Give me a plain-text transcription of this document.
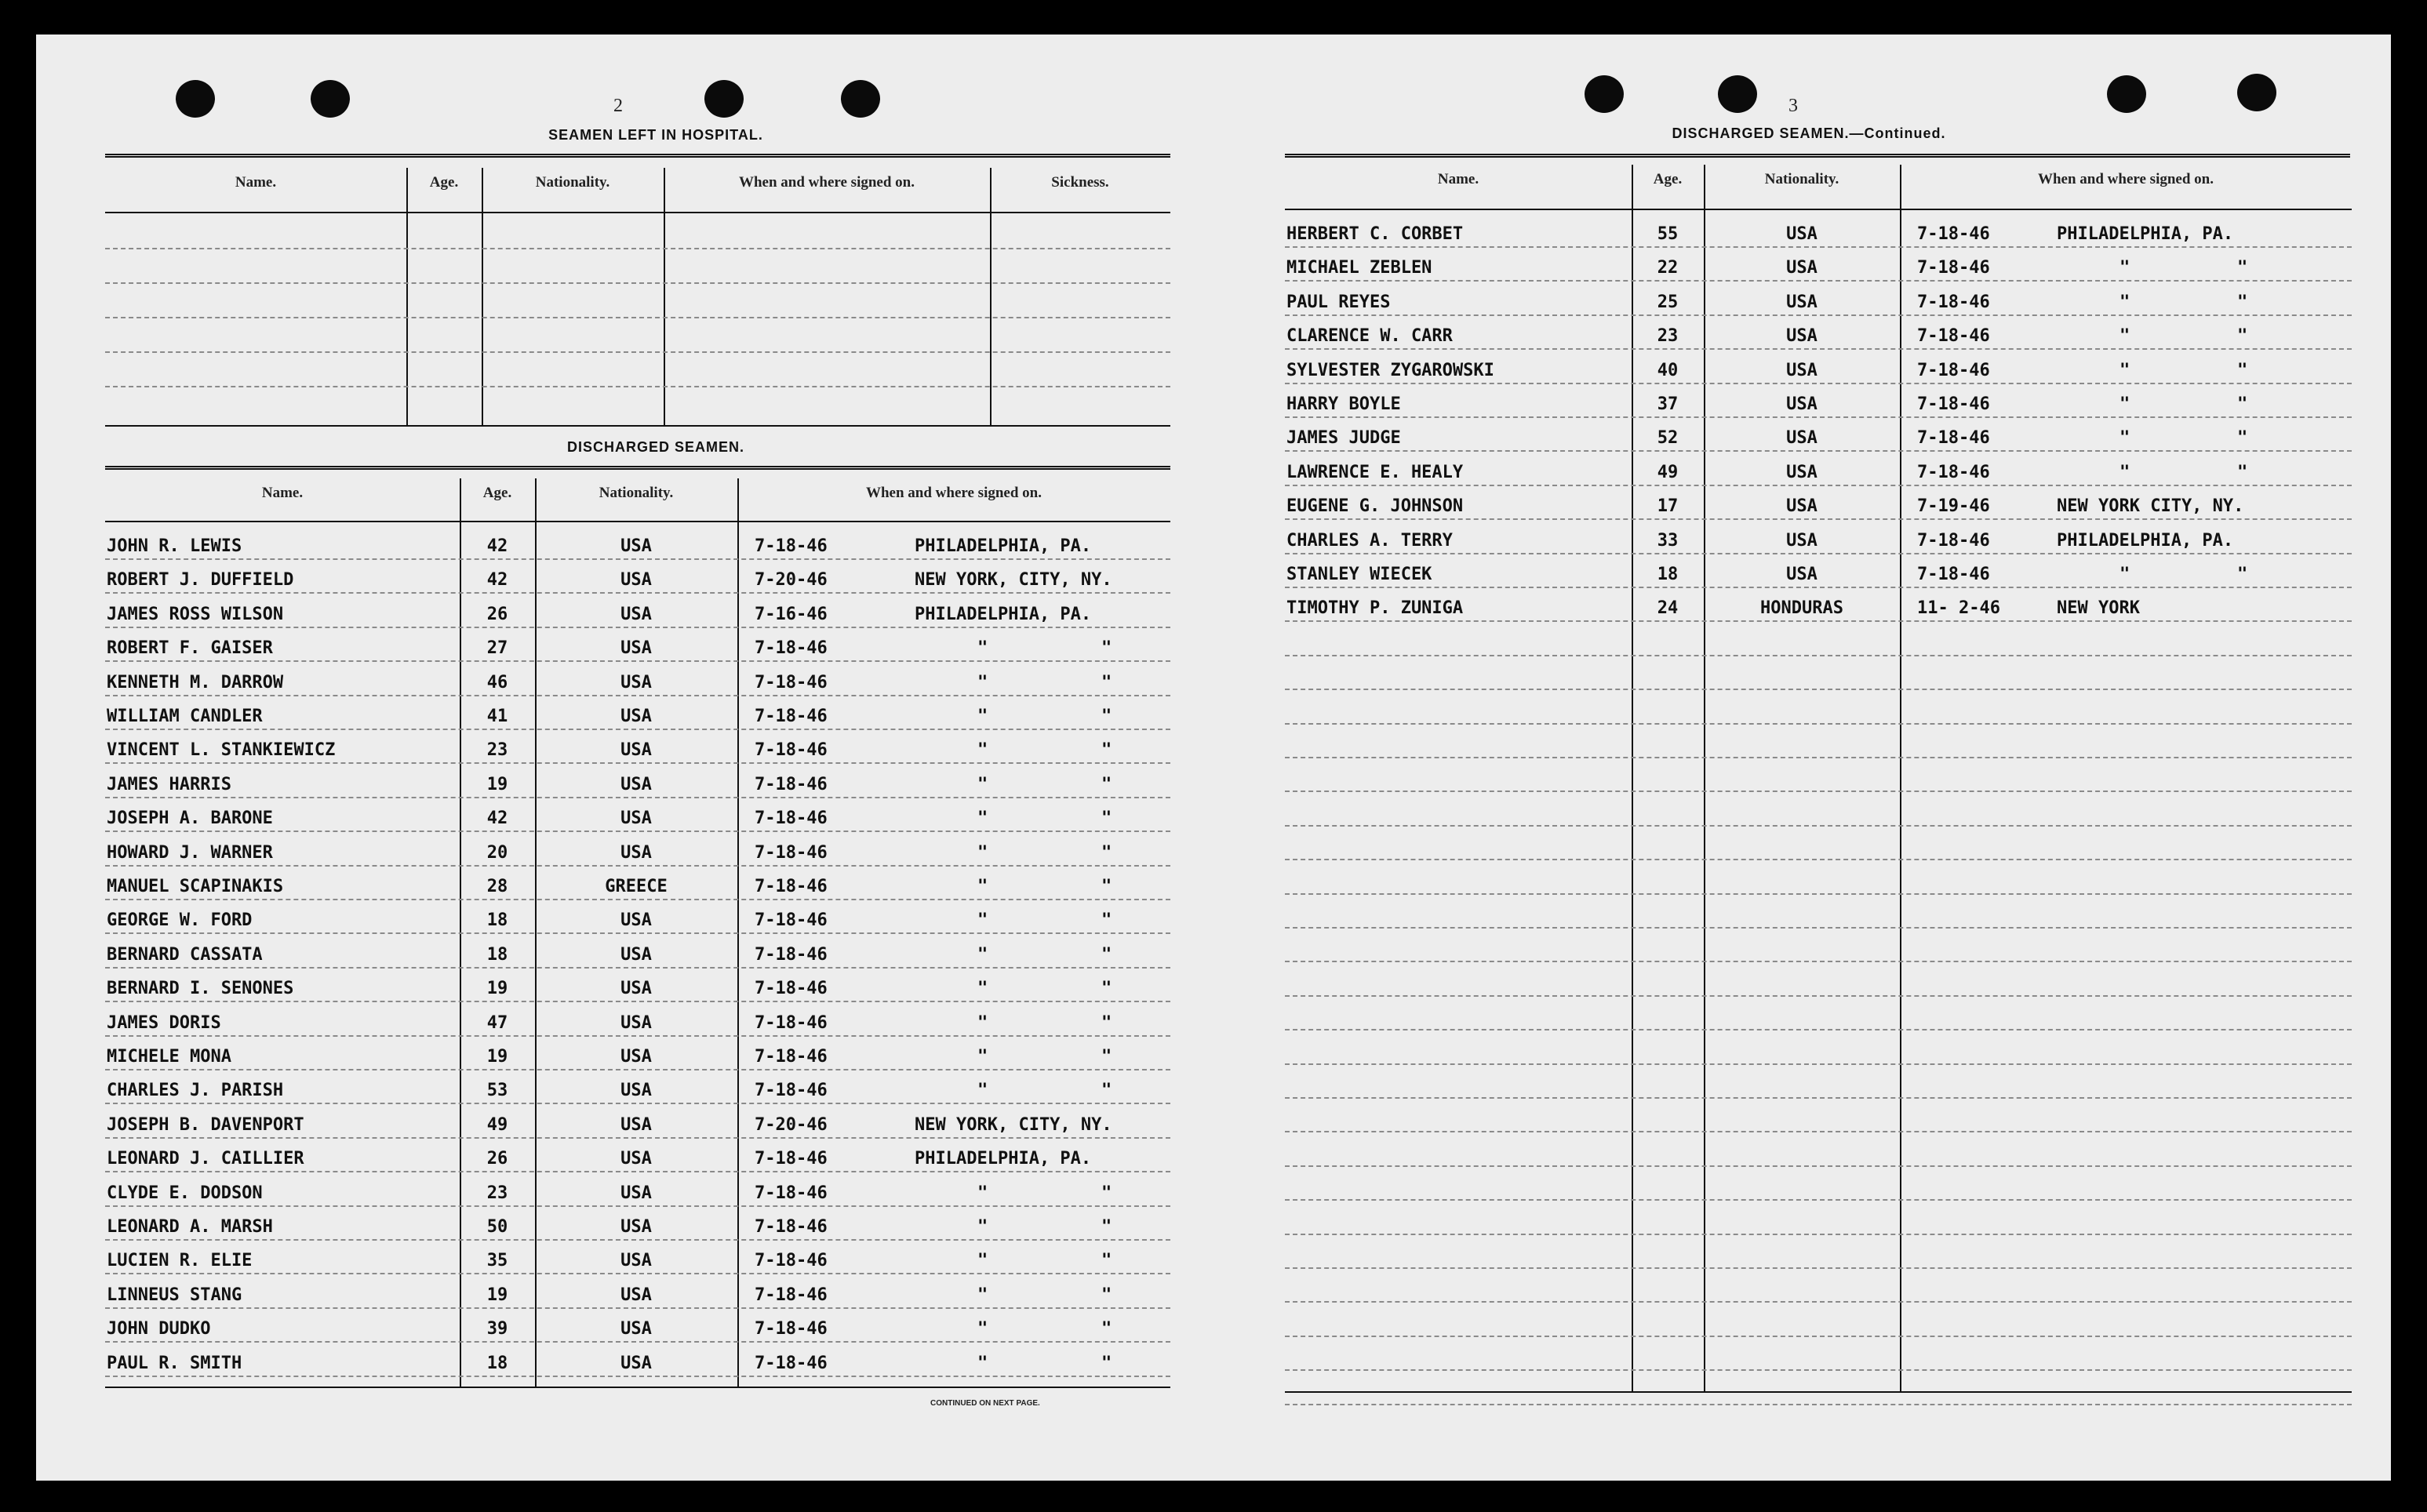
2
SEAMEN LEFT IN HOSPITAL.
Name.	Age.	Nationality.	When and where signed on.	Sickness.
DISCHARGED SEAMEN.
Name.	Age.	Nationality.	When and where signed on.
JOHN R. LEWIS	42	USA	7-18-46	PHILADELPHIA, PA.
ROBERT J. DUFFIELD	42	USA	7-20-46	NEW YORK, CITY, NY.
JAMES ROSS WILSON	26	USA	7-16-46	PHILADELPHIA, PA.
ROBERT F. GAISER	27	USA	7-18-46	"	"
KENNETH M. DARROW	46	USA	7-18-46	"	"
WILLIAM CANDLER	41	USA	7-18-46	"	"
VINCENT L. STANKIEWICZ	23	USA	7-18-46	"	"
JAMES HARRIS	19	USA	7-18-46	"	"
JOSEPH A. BARONE	42	USA	7-18-46	"	"
HOWARD J. WARNER	20	USA	7-18-46	"	"
MANUEL SCAPINAKIS	28	GREECE	7-18-46	"	"
GEORGE W. FORD	18	USA	7-18-46	"	"
BERNARD CASSATA	18	USA	7-18-46	"	"
BERNARD I. SENONES	19	USA	7-18-46	"	"
JAMES DORIS	47	USA	7-18-46	"	"
MICHELE MONA	19	USA	7-18-46	"	"
CHARLES J. PARISH	53	USA	7-18-46	"	"
JOSEPH B. DAVENPORT	49	USA	7-20-46	NEW YORK, CITY, NY.
LEONARD J. CAILLIER	26	USA	7-18-46	PHILADELPHIA, PA.
CLYDE E. DODSON	23	USA	7-18-46	"	"
LEONARD A. MARSH	50	USA	7-18-46	"	"
LUCIEN R. ELIE	35	USA	7-18-46	"	"
LINNEUS STANG	19	USA	7-18-46	"	"
JOHN DUDKO	39	USA	7-18-46	"	"
PAUL R. SMITH	18	USA	7-18-46	"	"
CONTINUED ON NEXT PAGE.
3
DISCHARGED SEAMEN.—Continued.
Name.	Age.	Nationality.	When and where signed on.
HERBERT C. CORBET	55	USA	7-18-46	PHILADELPHIA, PA.
MICHAEL ZEBLEN	22	USA	7-18-46	"	"
PAUL REYES	25	USA	7-18-46	"	"
CLARENCE W. CARR	23	USA	7-18-46	"	"
SYLVESTER ZYGAROWSKI	40	USA	7-18-46	"	"
HARRY BOYLE	37	USA	7-18-46	"	"
JAMES JUDGE	52	USA	7-18-46	"	"
LAWRENCE E. HEALY	49	USA	7-18-46	"	"
EUGENE G. JOHNSON	17	USA	7-19-46	NEW YORK CITY, NY.
CHARLES A. TERRY	33	USA	7-18-46	PHILADELPHIA, PA.
STANLEY WIECEK	18	USA	7-18-46	"	"
TIMOTHY P. ZUNIGA	24	HONDURAS	11- 2-46	NEW YORK
